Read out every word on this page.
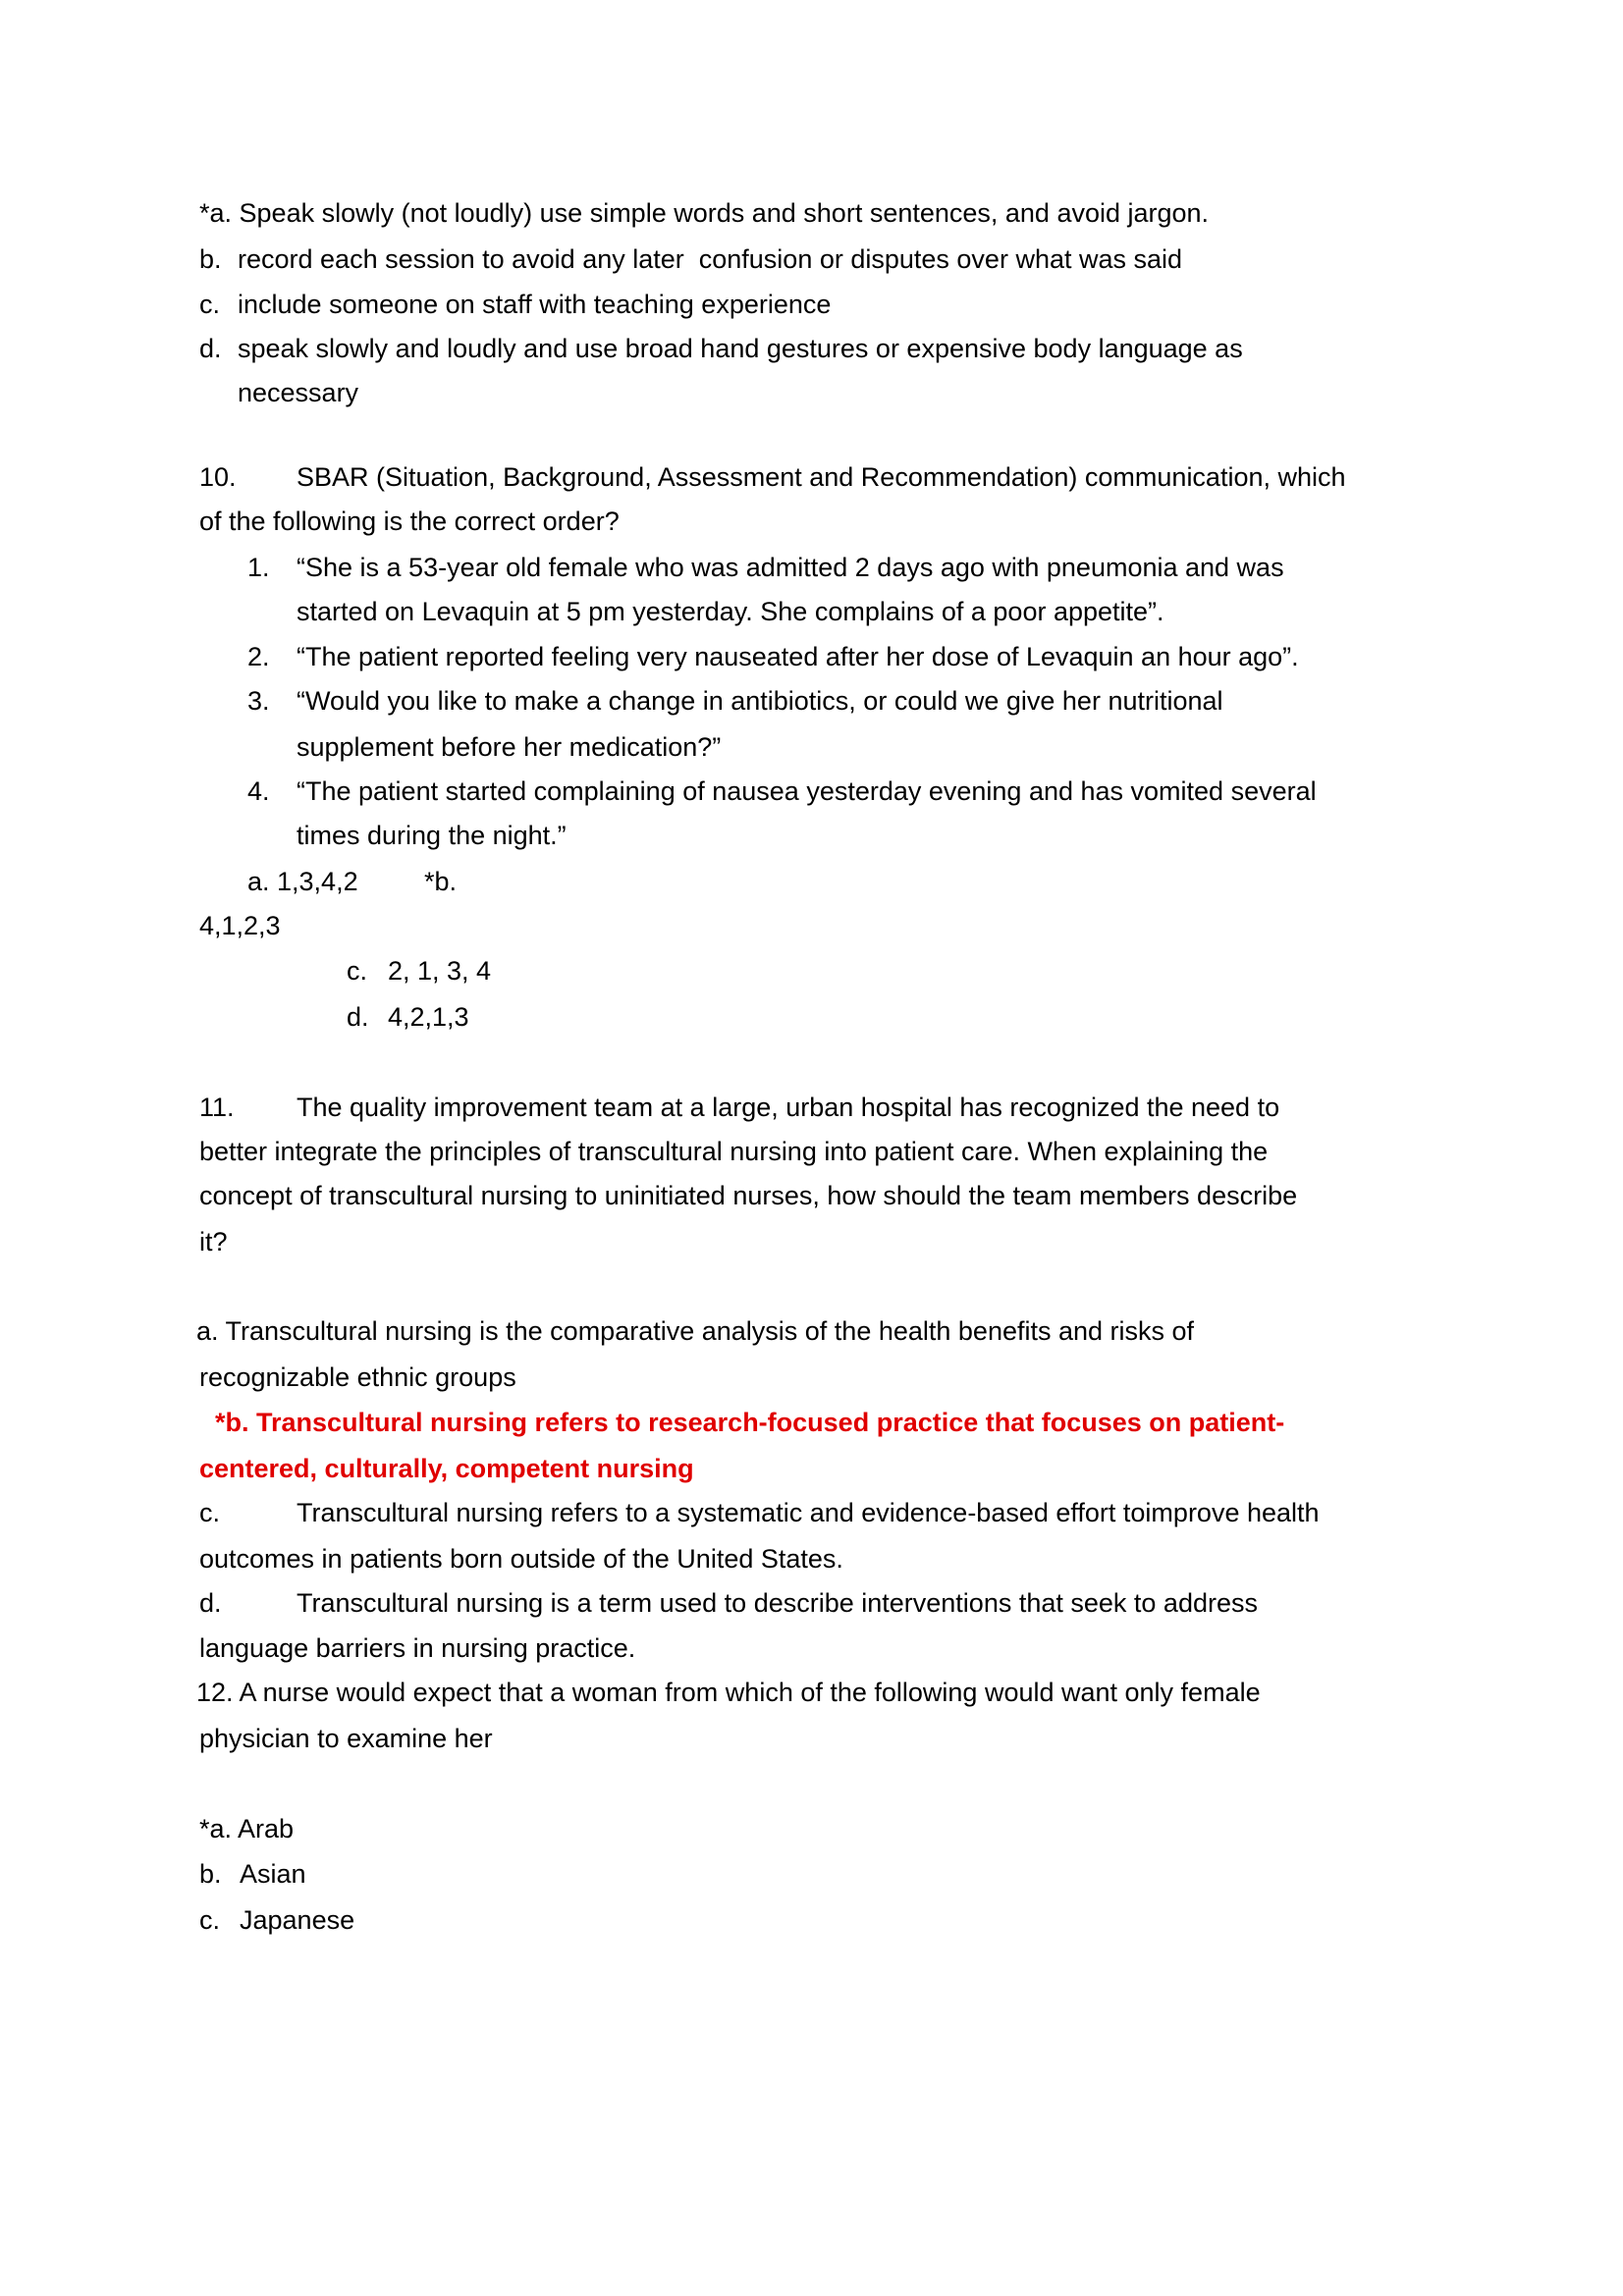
*a. Speak slowly (not loudly) use simple words and short sentences, and avoid jargon.
b. record each session to avoid any later  confusion or disputes over what was said
c. include someone on staff with teaching experience
d. speak slowly and loudly and use broad hand gestures or expensive body language as
necessary
10. SBAR (Situation, Background, Assessment and Recommendation) communication, which
of the following is the correct order?
1. “She is a 53-year old female who was admitted 2 days ago with pneumonia and was
started on Levaquin at 5 pm yesterday. She complains of a poor appetite”.
2. “The patient reported feeling very nauseated after her dose of Levaquin an hour ago”.
3. “Would you like to make a change in antibiotics, or could we give her nutritional
supplement before her medication?”
4. “The patient started complaining of nausea yesterday evening and has vomited several
times during the night.”
a. 1,3,4,2 *b.
4,1,2,3
c. 2, 1, 3, 4
d. 4,2,1,3
11. The quality improvement team at a large, urban hospital has recognized the need to
better integrate the principles of transcultural nursing into patient care. When explaining the
concept of transcultural nursing to uninitiated nurses, how should the team members describe
it?
a. Transcultural nursing is the comparative analysis of the health benefits and risks of
recognizable ethnic groups
*b. Transcultural nursing refers to research-focused practice that focuses on patient-
centered, culturally, competent nursing
c.	Transcultural nursing refers to a systematic and evidence-based effort toimprove health
outcomes in patients born outside of the United States.
d.	Transcultural nursing is a term used to describe interventions that seek to address
language barriers in nursing practice.
12. A nurse would expect that a woman from which of the following would want only female
physician to examine her
*a. Arab
b. Asian
c. Japanese
